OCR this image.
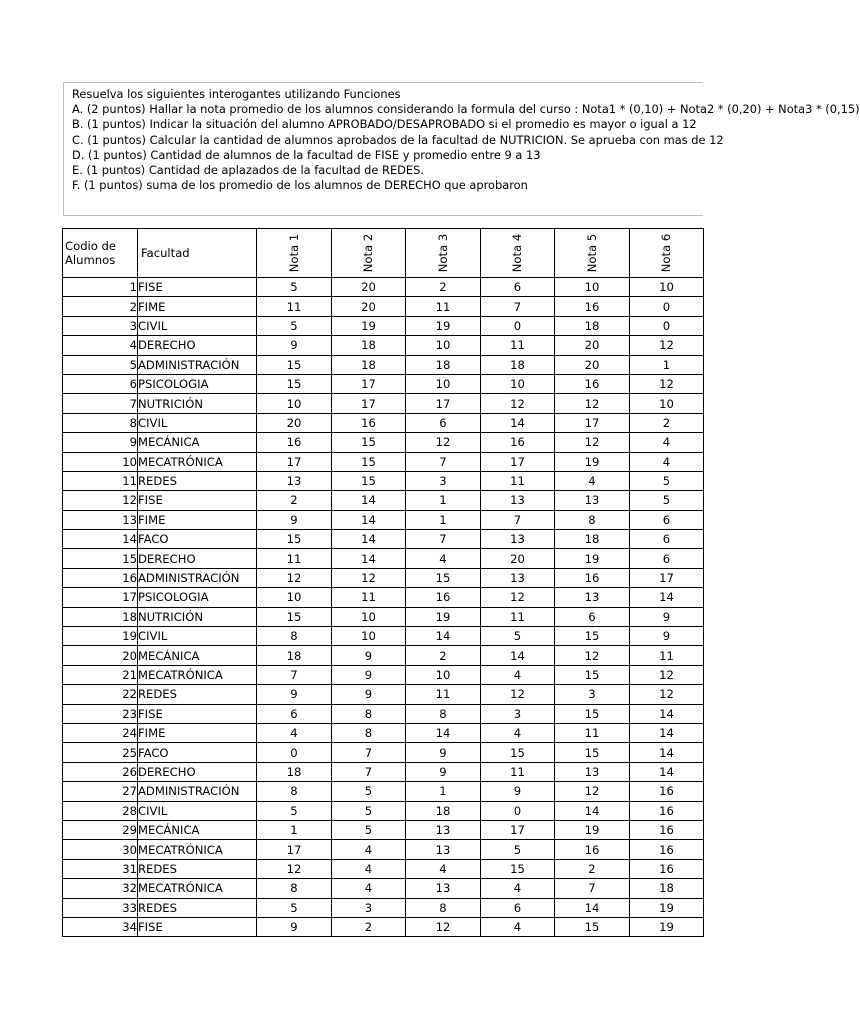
Resuelva los siguientes interogantes utilizando Funciones
A. (2 puntos) Hallar la nota promedio de los alumnos considerando la formula del curso : Nota1 * (0,10) + Nota2 * (0,20) + Nota3 * (0,15)
B. (1 puntos) Indicar la situación del alumno APROBADO/DESAPROBADO si el promedio es mayor o igual a 12
C. (1 puntos) Calcular la cantidad de alumnos aprobados de la facultad de NUTRICION. Se aprueba con mas de 12
D. (1 puntos) Cantidad de alumnos de la facultad de FISE y promedio entre 9 a 13
E. (1 puntos) Cantidad de aplazados de la facultad de REDES.
F. (1 puntos) suma de los promedio de los alumnos de DERECHO que aprobaron
Codio de Alumnos	Facultad	Nota 1	Nota 2	Nota 3	Nota 4	Nota 5	Nota 6
1	FISE	5	20	2	6	10	10
2	FIME	11	20	11	7	16	0
3	CIVIL	5	19	19	0	18	0
4	DERECHO	9	18	10	11	20	12
5	ADMINISTRACIÓN	15	18	18	18	20	1
6	PSICOLOGIA	15	17	10	10	16	12
7	NUTRICIÓN	10	17	17	12	12	10
8	CIVIL	20	16	6	14	17	2
9	MECÁNICA	16	15	12	16	12	4
10	MECATRÓNICA	17	15	7	17	19	4
11	REDES	13	15	3	11	4	5
12	FISE	2	14	1	13	13	5
13	FIME	9	14	1	7	8	6
14	FACO	15	14	7	13	18	6
15	DERECHO	11	14	4	20	19	6
16	ADMINISTRACIÓN	12	12	15	13	16	17
17	PSICOLOGIA	10	11	16	12	13	14
18	NUTRICIÓN	15	10	19	11	6	9
19	CIVIL	8	10	14	5	15	9
20	MECÁNICA	18	9	2	14	12	11
21	MECATRÓNICA	7	9	10	4	15	12
22	REDES	9	9	11	12	3	12
23	FISE	6	8	8	3	15	14
24	FIME	4	8	14	4	11	14
25	FACO	0	7	9	15	15	14
26	DERECHO	18	7	9	11	13	14
27	ADMINISTRACIÓN	8	5	1	9	12	16
28	CIVIL	5	5	18	0	14	16
29	MECÁNICA	1	5	13	17	19	16
30	MECATRÓNICA	17	4	13	5	16	16
31	REDES	12	4	4	15	2	16
32	MECATRÓNICA	8	4	13	4	7	18
33	REDES	5	3	8	6	14	19
34	FISE	9	2	12	4	15	19
